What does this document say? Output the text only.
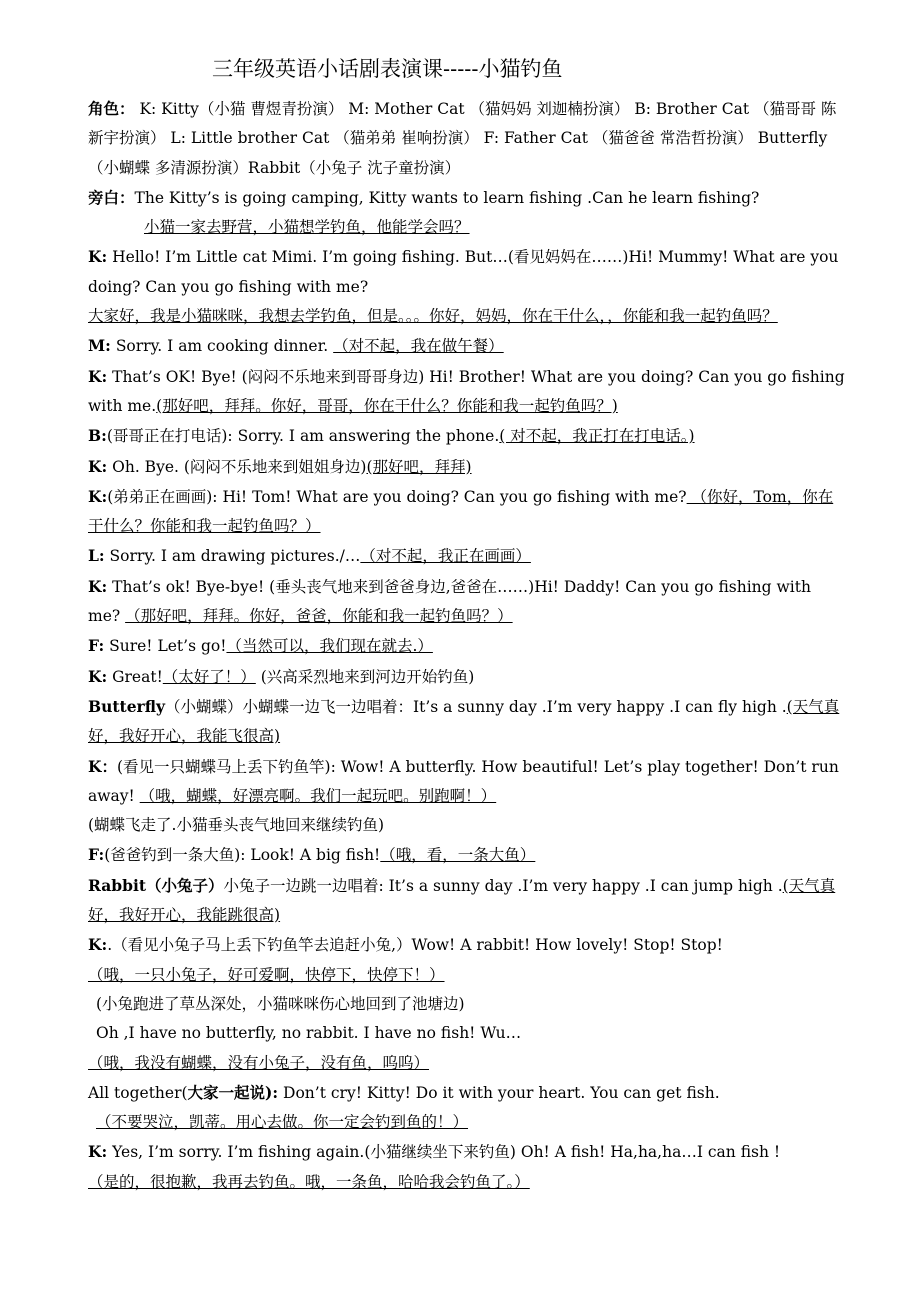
三年级英语小话剧表演课-----小猫钓鱼

角色： K: Kitty（小猫 曹煜青扮演） M: Mother Cat （猫妈妈 刘迦楠扮演） B: Brother Cat （猫哥哥 陈新宇扮演） L: Little brother Cat （猫弟弟 崔响扮演） F: Father Cat （猫爸爸 常浩哲扮演） Butterfly（小蝴蝶 多清源扮演）Rabbit（小兔子 沈子童扮演）

旁白：The Kitty’s is going camping, Kitty wants to learn fishing .Can he learn fishing?

小猫一家去野营，小猫想学钓鱼，他能学会吗？

K: Hello! I’m Little cat Mimi. I’m going fishing. But…(看见妈妈在……)Hi! Mummy! What are you doing? Can you go fishing with me?

大家好，我是小猫咪咪，我想去学钓鱼，但是。。。你好，妈妈，你在干什么，，你能和我一起钓鱼吗？

M: Sorry. I am cooking dinner. （对不起，我在做午餐）

K: That’s OK! Bye! (闷闷不乐地来到哥哥身边) Hi! Brother! What are you doing? Can you go fishing with me.(那好吧，拜拜。你好，哥哥，你在干什么？你能和我一起钓鱼吗？)

B:(哥哥正在打电话): Sorry. I am answering the phone.( 对不起，我正打在打电话。)

K: Oh. Bye. (闷闷不乐地来到姐姐身边)(那好吧，拜拜)

K:(弟弟正在画画): Hi! Tom! What are you doing? Can you go fishing with me? （你好，Tom，你在干什么？你能和我一起钓鱼吗？）

L: Sorry. I am drawing pictures./…（对不起，我正在画画）

K: That’s ok! Bye-bye! (垂头丧气地来到爸爸身边,爸爸在……)Hi! Daddy! Can you go fishing with me? （那好吧，拜拜。你好，爸爸，你能和我一起钓鱼吗？）

F: Sure! Let’s go!（当然可以，我们现在就去.）

K: Great!（太好了！） (兴高采烈地来到河边开始钓鱼)

Butterfly（小蝴蝶）小蝴蝶一边飞一边唱着：It’s a sunny day .I’m very happy .I can fly high .(天气真好，我好开心，我能飞很高)

K：(看见一只蝴蝶马上丢下钓鱼竿): Wow! A butterfly. How beautiful! Let’s play together! Don’t run away! （哦，蝴蝶，好漂亮啊。我们一起玩吧。别跑啊！）

(蝴蝶飞走了.小猫垂头丧气地回来继续钓鱼)

F:(爸爸钓到一条大鱼): Look! A big fish!（哦，看，一条大鱼）

Rabbit（小兔子）小兔子一边跳一边唱着: It’s a sunny day .I’m very happy .I can jump high .(天气真好，我好开心，我能跳很高)

K:.（看见小兔子马上丢下钓鱼竿去追赶小兔,）Wow! A rabbit! How lovely! Stop! Stop!

（哦，一只小兔子，好可爱啊，快停下，快停下！）

(小兔跑进了草丛深处，小猫咪咪伤心地回到了池塘边)

Oh ,I have no butterfly, no rabbit. I have no fish! Wu…

（哦，我没有蝴蝶，没有小兔子，没有鱼，呜呜）

All together(大家一起说): Don’t cry! Kitty! Do it with your heart. You can get fish.

（不要哭泣，凯蒂。用心去做。你一定会钓到鱼的！）

K: Yes, I’m sorry. I’m fishing again.(小猫继续坐下来钓鱼) Oh! A fish! Ha,ha,ha…I can fish !

（是的，很抱歉，我再去钓鱼。哦，一条鱼，哈哈我会钓鱼了。）
